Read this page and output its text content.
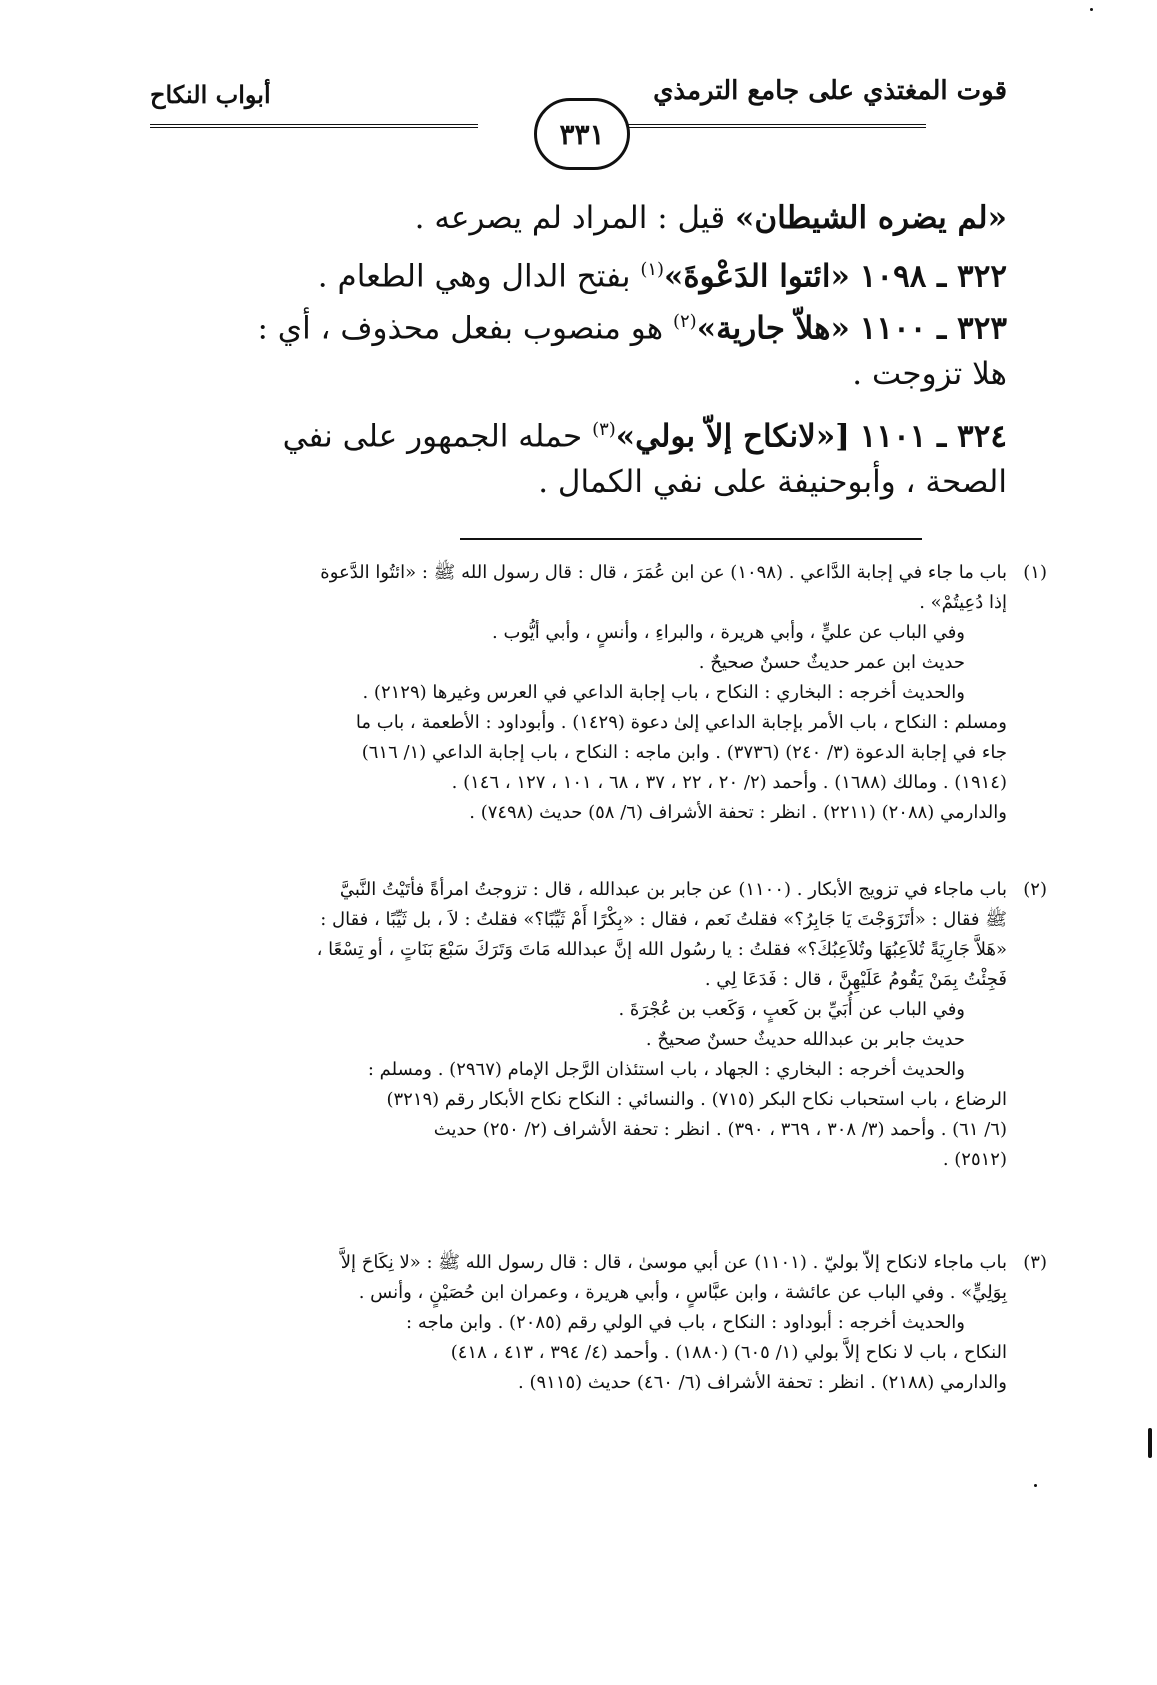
قوت المغتذي على جامع الترمذي
أبواب النكاح
٣٣١

«لم يضره الشيطان» قيل : المراد لم يصرعه .

٣٢٢ ـ ١٠٩٨ «ائتوا الدَعْوةَ»$^{(١)}$ بفتح الدال وهي الطعام .

٣٢٣ ـ ١١٠٠ «هلاّ جارية»$^{(٢)}$ هو منصوب بفعل محذوف ، أي :

هلا تزوجت .

٣٢٤ ـ ١١٠١ [«لانكاح إلاّ بولي»$^{(٣)}$ حمله الجمهور على نفي

الصحة ، وأبوحنيفة على نفي الكمال .

(١)

باب ما جاء في إجابة الدَّاعي . (١٠٩٨) عن ابن عُمَرَ ، قال : قال رسول الله ﷺ : «ائتُوا الدَّعوة

إذا دُعِيتُمْ» .

وفي الباب عن عليٍّ ، وأبي هريرة ، والبراءِ ، وأنسٍ ، وأبي أيُّوب .

حديث ابن عمر حديثٌ حسنٌ صحيحٌ .

والحديث أخرجه : البخاري : النكاح ، باب إجابة الداعي في العرس وغيرها (٢١٢٩) .

ومسلم : النكاح ، باب الأمر بإجابة الداعي إلىٰ دعوة (١٤٢٩) . وأبوداود : الأطعمة ، باب ما

جاء في إجابة الدعوة (٣/ ٢٤٠) (٣٧٣٦) . وابن ماجه : النكاح ، باب إجابة الداعي (١/ ٦١٦)

(١٩١٤) . ومالك (١٦٨٨) . وأحمد (٢/ ٢٠ ، ٢٢ ، ٣٧ ، ٦٨ ، ١٠١ ، ١٢٧ ، ١٤٦) .

والدارمي (٢٠٨٨) (٢٢١١) . انظر : تحفة الأشراف (٦/ ٥٨) حديث (٧٤٩٨) .

(٢)

باب ماجاء في تزويج الأبكار . (١١٠٠) عن جابر بن عبدالله ، قال : تزوجتُ امرأةً فأتَيْتُ النَّبيَّ

ﷺ فقال : «أتَزَوَجْتَ يَا جَابِرُ؟» فقلتُ نَعم ، فقال : «بِكْرًا أَمْ ثَيِّبًا؟» فقلتُ : لاَ ، بل ثَيِّبًا ، فقال :

«هَلاَّ جَارِيَةً تُلاَعِبُهَا وتُلاَعِبُكَ؟» فقلتُ : يا رسُول الله إنَّ عبدالله مَاتَ وَتَرَكَ سَبْعَ بَنَاتٍ ، أو تِسْعًا ،

فَجِئْتُ بِمَنْ يَقُومُ عَلَيْهِنَّ ، قال : فَدَعَا لِي .

وفي الباب عن أُبَيِّ بن كَعبٍ ، وَكَعب بن عُجْرَةَ .

حديث جابر بن عبدالله حديثٌ حسنٌ صحيحٌ .

والحديث أخرجه : البخاري : الجهاد ، باب استئذان الرَّجل الإمام (٢٩٦٧) . ومسلم :

الرضاع ، باب استحباب نكاح البكر (٧١٥) . والنسائي : النكاح نكاح الأبكار رقم (٣٢١٩)

(٦/ ٦١) . وأحمد (٣/ ٣٠٨ ، ٣٦٩ ، ٣٩٠) . انظر : تحفة الأشراف (٢/ ٢٥٠) حديث

(٢٥١٢) .

(٣)

باب ماجاء لانكاح إلاّ بوليّ . (١١٠١) عن أبي موسىٰ ، قال : قال رسول الله ﷺ : «لا نِكَاحَ إلاَّ

بِوَلِيٍّ» . وفي الباب عن عائشة ، وابن عبَّاسٍ ، وأبي هريرة ، وعمران ابن حُصَيْنٍ ، وأنس .

والحديث أخرجه : أبوداود : النكاح ، باب في الولي رقم (٢٠٨٥) . وابن ماجه :

النكاح ، باب لا نكاح إلاَّ بولي (١/ ٦٠٥) (١٨٨٠) . وأحمد (٤/ ٣٩٤ ، ٤١٣ ، ٤١٨)

والدارمي (٢١٨٨) . انظر : تحفة الأشراف (٦/ ٤٦٠) حديث (٩١١٥) .
